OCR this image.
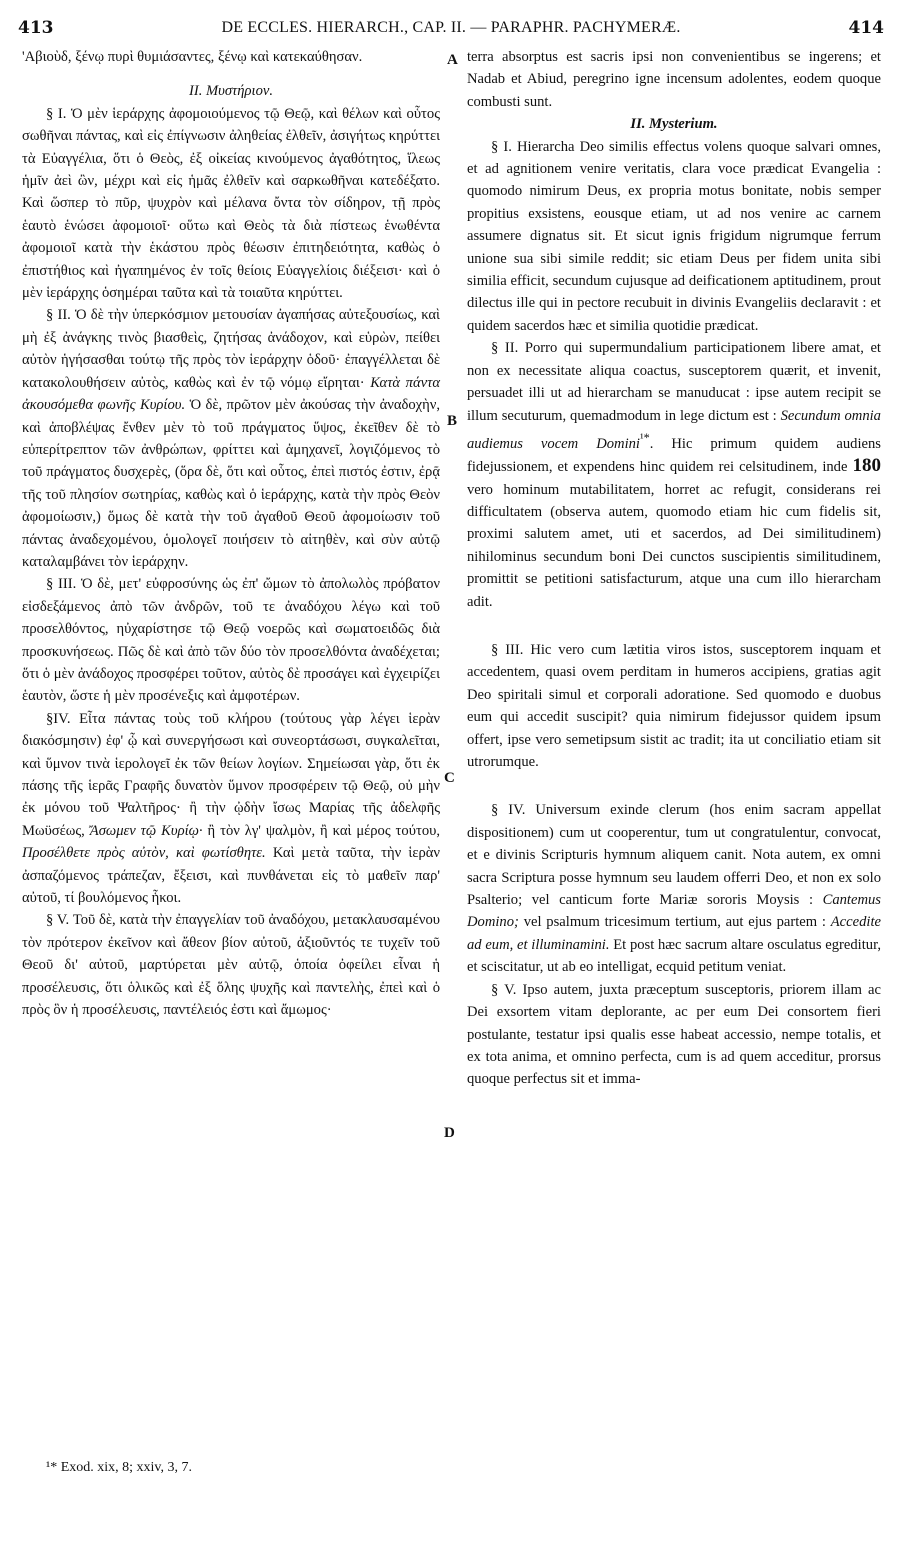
413	DE ECCLES. HIERARCH., CAP. II. — PARAPHR. PACHYMERÆ.	414

'Αβιοὺδ, ξένῳ πυρὶ θυμιάσαντες, ξένῳ καὶ κατεκαύθησαν.

ΙΙ. Μυστήριον.

§ Ι. Ὁ μὲν ἱεράρχης ἀφομοιούμενος τῷ Θεῷ, καὶ θέλων καὶ οὗτος σωθῆναι πάντας, καὶ εἰς ἐπίγνωσιν ἀληθείας ἐλθεῖν, ἀσιγήτως κηρύττει τὰ Εὐαγγέλια, ὅτι ὁ Θεὸς, ἐξ οἰκείας κινούμενος ἀγαθότητος, ἵλεως ἡμῖν ἀεὶ ὢν, μέχρι καὶ εἰς ἡμᾶς ἐλθεῖν καὶ σαρκωθῆναι κατεδέξατο. Καὶ ὥσπερ τὸ πῦρ, ψυχρὸν καὶ μέλανα ὄντα τὸν σίδηρον, τῇ πρὸς ἑαυτὸ ἑνώσει ἀφομοιοῖ· οὕτω καὶ Θεὸς τὰ διὰ πίστεως ἑνωθέντα ἀφομοιοῖ κατὰ τὴν ἑκάστου πρὸς θέωσιν ἐπιτηδειότητα, καθὼς ὁ ἐπιστήθιος καὶ ἠγαπημένος ἐν τοῖς θείοις Εὐαγγελίοις διέξεισι· καὶ ὁ μὲν ἱεράρχης ὁσημέραι ταῦτα καὶ τὰ τοιαῦτα κηρύττει.

§ ΙΙ. Ὁ δὲ τὴν ὑπερκόσμιον μετουσίαν ἀγαπήσας αὐτεξουσίως, καὶ μὴ ἐξ ἀνάγκης τινὸς βιασθεὶς, ζητήσας ἀνάδοχον, καὶ εὑρὼν, πείθει αὐτὸν ἡγήσασθαι τούτῳ τῆς πρὸς τὸν ἱεράρχην ὁδοῦ· ἐπαγγέλλεται δὲ κατακολουθήσειν αὐτὸς, καθὼς καὶ ἐν τῷ νόμῳ εἴρηται· Κατὰ πάντα ἀκουσόμεθα φωνῆς Κυρίου. Ὁ δὲ, πρῶτον μὲν ἀκούσας τὴν ἀναδοχὴν, καὶ ἀποβλέψας ἔνθεν μὲν τὸ τοῦ πράγματος ὕψος, ἐκεῖθεν δὲ τὸ εὐπερίτρεπτον τῶν ἀνθρώπων, φρίττει καὶ ἀμηχανεῖ, λογιζόμενος τὸ τοῦ πράγματος δυσχερὲς, (ὅρα δὲ, ὅτι καὶ οὗτος, ἐπεὶ πιστός ἐστιν, ἐρᾷ τῆς τοῦ πλησίον σωτηρίας, καθὼς καὶ ὁ ἱεράρχης, κατὰ τὴν πρὸς Θεὸν ἀφομοίωσιν,) ὅμως δὲ κατὰ τὴν τοῦ ἀγαθοῦ Θεοῦ ἀφομοίωσιν τοῦ πάντας ἀναδεχομένου, ὁμολογεῖ ποιήσειν τὸ αἰτηθὲν, καὶ σὺν αὐτῷ καταλαμβάνει τὸν ἱεράρχην.

§ ΙΙΙ. Ὁ δὲ, μετ' εὐφροσύνης ὡς ἐπ' ὤμων τὸ ἀπολωλὸς πρόβατον εἰσδεξάμενος ἀπὸ τῶν ἀνδρῶν, τοῦ τε ἀναδόχου λέγω καὶ τοῦ προσελθόντος, ηὐχαρίστησε τῷ Θεῷ νοερῶς καὶ σωματοειδῶς διὰ προσκυνήσεως. Πῶς δὲ καὶ ἀπὸ τῶν δύο τὸν προσελθόντα ἀναδέχεται; ὅτι ὁ μὲν ἀνάδοχος προσφέρει τοῦτον, αὐτὸς δὲ προσάγει καὶ ἐγχειρίζει ἑαυτὸν, ὥστε ἡ μὲν προσένεξις καὶ ἀμφοτέρων.

§ΙV. Εἶτα πάντας τοὺς τοῦ κλήρου (τούτους γὰρ λέγει ἱερὰν διακόσμησιν) ἐφ' ᾧ καὶ συνεργήσωσι καὶ συνεορτάσωσι, συγκαλεῖται, καὶ ὕμνον τινὰ ἱερολογεῖ ἐκ τῶν θείων λογίων. Σημείωσαι γὰρ, ὅτι ἐκ πάσης τῆς ἱερᾶς Γραφῆς δυνατὸν ὕμνον προσφέρειν τῷ Θεῷ, οὐ μὴν ἐκ μόνου τοῦ Ψαλτῆρος· ἢ τὴν ᾠδὴν ἴσως Μαρίας τῆς ἀδελφῆς Μωϋσέως, Ἄσωμεν τῷ Κυρίῳ· ἢ τὸν λγ' ψαλμὸν, ἢ καὶ μέρος τούτου, Προσέλθετε πρὸς αὐτὸν, καὶ φωτίσθητε. Καὶ μετὰ ταῦτα, τὴν ἱερὰν ἀσπαζόμενος τράπεζαν, ἔξεισι, καὶ πυνθάνεται εἰς τὸ μαθεῖν παρ' αὐτοῦ, τί βουλόμενος ἧκοι.

§ V. Τοῦ δὲ, κατὰ τὴν ἐπαγγελίαν τοῦ ἀναδόχου, μετακλαυσαμένου τὸν πρότερον ἐκεῖνον καὶ ἄθεον βίον αὐτοῦ, ἀξιοῦντός τε τυχεῖν τοῦ Θεοῦ δι' αὐτοῦ, μαρτύρεται μὲν αὐτῷ, ὁποία ὀφείλει εἶναι ἡ προσέλευσις, ὅτι ὁλικῶς καὶ ἐξ ὅλης ψυχῆς καὶ παντελὴς, ἐπεὶ καὶ ὁ πρὸς ὃν ἡ προσέλευσις, παντέλειός ἐστι καὶ ἄμωμος·

A
B
C
D

terra absorptus est sacris ipsi non convenientibus se ingerens; et Nadab et Abiud, peregrino igne incensum adolentes, eodem quoque combusti sunt.

II. Mysterium.

§ I. Hierarcha Deo similis effectus volens quoque salvari omnes, et ad agnitionem venire veritatis, clara voce prædicat Evangelia : quomodo nimirum Deus, ex propria motus bonitate, nobis semper propitius exsistens, eousque etiam, ut ad nos venire ac carnem assumere dignatus sit. Et sicut ignis frigidum nigrumque ferrum unione sua sibi simile reddit; sic etiam Deus per fidem unita sibi similia efficit, secundum cujusque ad deificationem aptitudinem, prout dilectus ille qui in pectore recubuit in divinis Evangeliis declaravit : et quidem sacerdos hæc et similia quotidie prædicat.

§ II. Porro qui supermundalium participationem libere amat, et non ex necessitate aliqua coactus, susceptorem quærit, et invenit, persuadet illi ut ad hierarcham se manuducat : ipse autem recipit se illum secuturum, quemadmodum in lege dictum est : Secundum omnia audiemus vocem Domini$^{^1*}$. Hic primum quidem audiens fidejussionem, et expendens hinc quidem rei celsitudinem, inde 180 vero hominum mutabilitatem, horret ac refugit, considerans rei difficultatem (observa autem, quomodo etiam hic cum fidelis sit, proximi salutem amet, uti et sacerdos, ad Dei similitudinem) nihilominus secundum boni Dei cunctos suscipientis similitudinem, promittit se petitioni satisfacturum, atque una cum illo hierarcham adit.

§ III. Hic vero cum lætitia viros istos, susceptorem inquam et accedentem, quasi ovem perditam in humeros accipiens, gratias agit Deo spiritali simul et corporali adoratione. Sed quomodo e duobus eum qui accedit suscipit? quia nimirum fidejussor quidem ipsum offert, ipse vero semetipsum sistit ac tradit; ita ut conciliatio etiam sit utrorumque.

§ IV. Universum exinde clerum (hos enim sacram appellat dispositionem) cum ut cooperentur, tum ut congratulentur, convocat, et e divinis Scripturis hymnum aliquem canit. Nota autem, ex omni sacra Scriptura posse hymnum seu laudem offerri Deo, et non ex solo Psalterio; vel canticum forte Mariæ sororis Moysis : Cantemus Domino; vel psalmum tricesimum tertium, aut ejus partem : Accedite ad eum, et illuminamini. Et post hæc sacrum altare osculatus egreditur, et sciscitatur, ut ab eo intelligat, ecquid petitum veniat.

§ V. Ipso autem, juxta præceptum susceptoris, priorem illam ac Dei exsortem vitam deplorante, ac per eum Dei consortem fieri postulante, testatur ipsi qualis esse habeat accessio, nempe totalis, et ex tota anima, et omnino perfecta, cum is ad quem acceditur, prorsus quoque perfectus sit et imma-

¹* Exod. xix, 8; xxiv, 3, 7.
